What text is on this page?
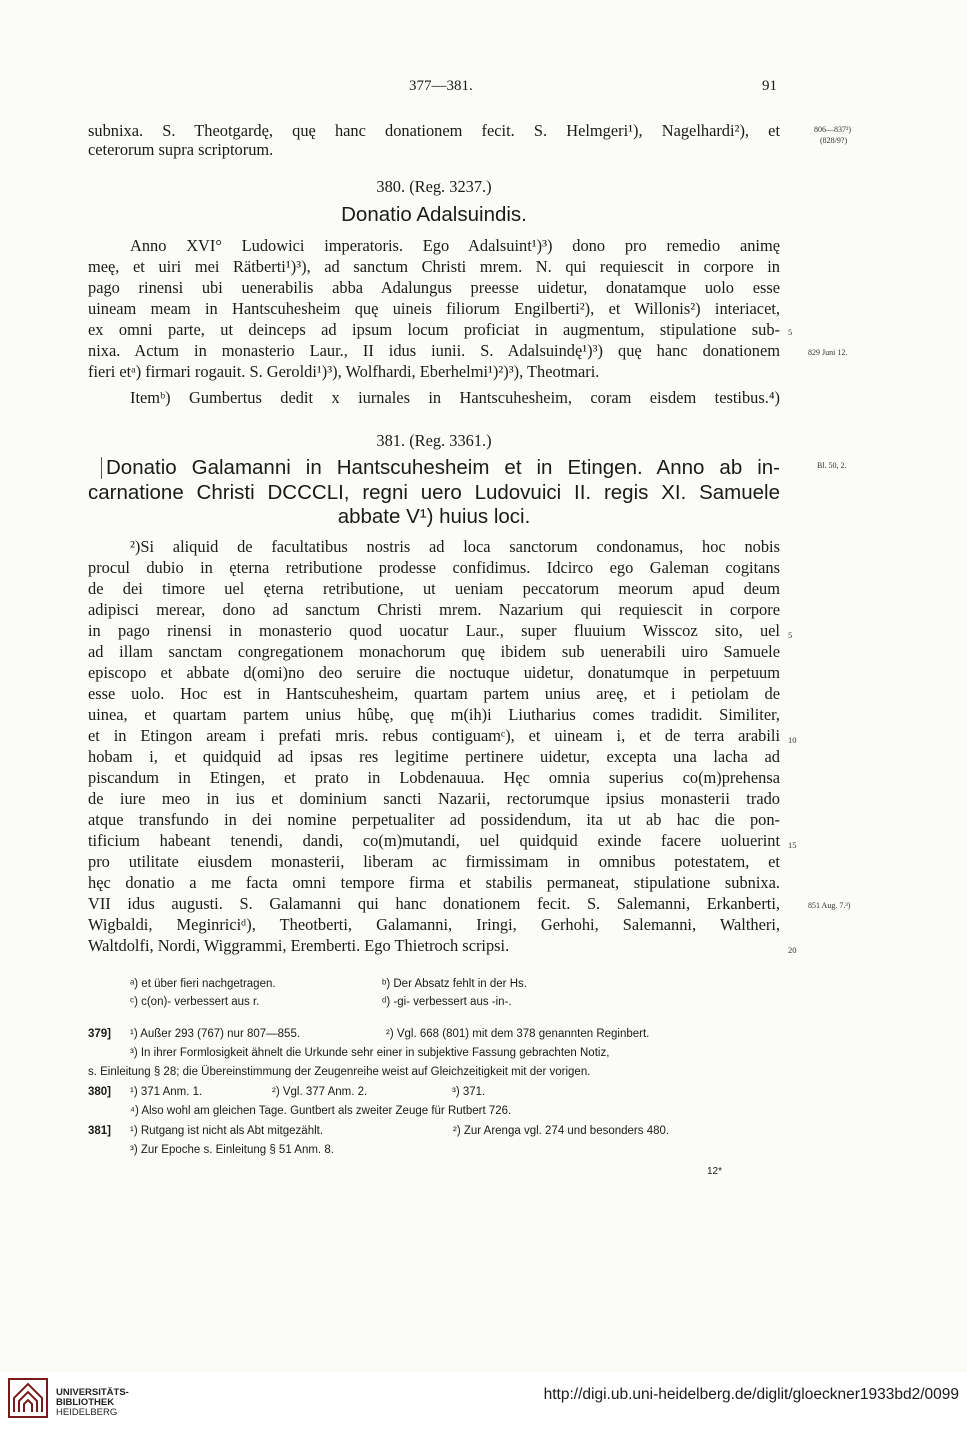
377—381.	91
subnixa. S. Theotgardę, quę hanc donationem fecit. S. Helmgeri¹), Nagelhardi²), et
ceterorum supra scriptorum.
806—837³)
(828/9?)
380. (Reg. 3237.)
Donatio Adalsuindis.
Anno XVI° Ludowici imperatoris. Ego Adalsuint¹)³) dono pro remedio animę
meę, et uiri mei Rätberti¹)³), ad sanctum Christi mrem. N. qui requiescit in corpore in
pago rinensi ubi uenerabilis abba Adalungus preesse uidetur, donatamque uolo esse
uineam meam in Hantscuhesheim quę uineis filiorum Engilberti²), et Willonis²) interiacet,
ex omni parte, ut deinceps ad ipsum locum proficiat in augmentum, stipulatione sub-
nixa. Actum in monasterio Laur., II idus iunii. S. Adalsuindę¹)³) quę hanc donationem
fieri etᵃ) firmari rogauit. S. Geroldi¹)³), Wolfhardi, Eberhelmi¹)²)³), Theotmari.
Itemᵇ) Gumbertus dedit x iurnales in Hantscuhesheim, coram eisdem testibus.⁴)
5
829 Juni 12.
381. (Reg. 3361.)
Donatio Galamanni in Hantscuhesheim et in Etingen. Anno ab in-
carnatione Christi DCCCLI, regni uero Ludovuici II. regis XI. Samuele
abbate V¹) huius loci.
Bl. 50, 2.
²)Si aliquid de facultatibus nostris ad loca sanctorum condonamus, hoc nobis
procul dubio in ęterna retributione prodesse confidimus. Idcirco ego Galeman cogitans
de dei timore uel ęterna retributione, ut ueniam peccatorum meorum apud deum
adipisci merear, dono ad sanctum Christi mrem. Nazarium qui requiescit in corpore
in pago rinensi in monasterio quod uocatur Laur., super fluuium Wisscoz sito, uel
ad illam sanctam congregationem monachorum quę ibidem sub uenerabili uiro Samuele
episcopo et abbate d(omi)no deo seruire die noctuque uidetur, donatumque in perpetuum
esse uolo. Hoc est in Hantscuhesheim, quartam partem unius areę, et i petiolam de
uinea, et quartam partem unius hûbę, quę m(ih)i Liutharius comes tradidit. Similiter,
et in Etingon aream i prefati mris. rebus contiguamᶜ), et uineam i, et de terra arabili
hobam i, et quidquid ad ipsas res legitime pertinere uidetur, excepta una lacha ad
piscandum in Etingen, et prato in Lobdenauua. Hęc omnia superius co(m)prehensa
de iure meo in ius et dominium sancti Nazarii, rectorumque ipsius monasterii trado
atque transfundo in dei nomine perpetualiter ad possidendum, ita ut ab hac die pon-
tificium habeant tenendi, dandi, co(m)mutandi, uel quidquid exinde facere uoluerint
pro utilitate eiusdem monasterii, liberam ac firmissimam in omnibus potestatem, et
hęc donatio a me facta omni tempore firma et stabilis permaneat, stipulatione subnixa.
VII idus augusti. S. Galamanni qui hanc donationem fecit. S. Salemanni, Erkanberti,
Wigbaldi, Meginriciᵈ), Theotberti, Galamanni, Iringi, Gerhohi, Salemanni, Waltheri,
Waltdolfi, Nordi, Wiggrammi, Eremberti. Ego Thietroch scripsi.
5
10
15
20
851 Aug. 7.³)
ᵃ) et über fieri nachgetragen.	ᵇ) Der Absatz fehlt in der Hs.
ᶜ) c(on)- verbessert aus r.	ᵈ) -gi- verbessert aus -in-.
379]	¹) Außer 293 (767) nur 807—855.	²) Vgl. 668 (801) mit dem 378 genannten Reginbert.
³) In ihrer Formlosigkeit ähnelt die Urkunde sehr einer in subjektive Fassung gebrachten Notiz,
s. Einleitung § 28; die Übereinstimmung der Zeugenreihe weist auf Gleichzeitigkeit mit der vorigen.
380]	¹) 371 Anm. 1.	²) Vgl. 377 Anm. 2.	³) 371.
⁴) Also wohl am gleichen Tage. Guntbert als zweiter Zeuge für Rutbert 726.
381]	¹) Rutgang ist nicht als Abt mitgezählt.	²) Zur Arenga vgl. 274 und besonders 480.
³) Zur Epoche s. Einleitung § 51 Anm. 8.
12*
UNIVERSITÄTS-
BIBLIOTHEK
HEIDELBERG
http://digi.ub.uni-heidelberg.de/diglit/gloeckner1933bd2/0099
